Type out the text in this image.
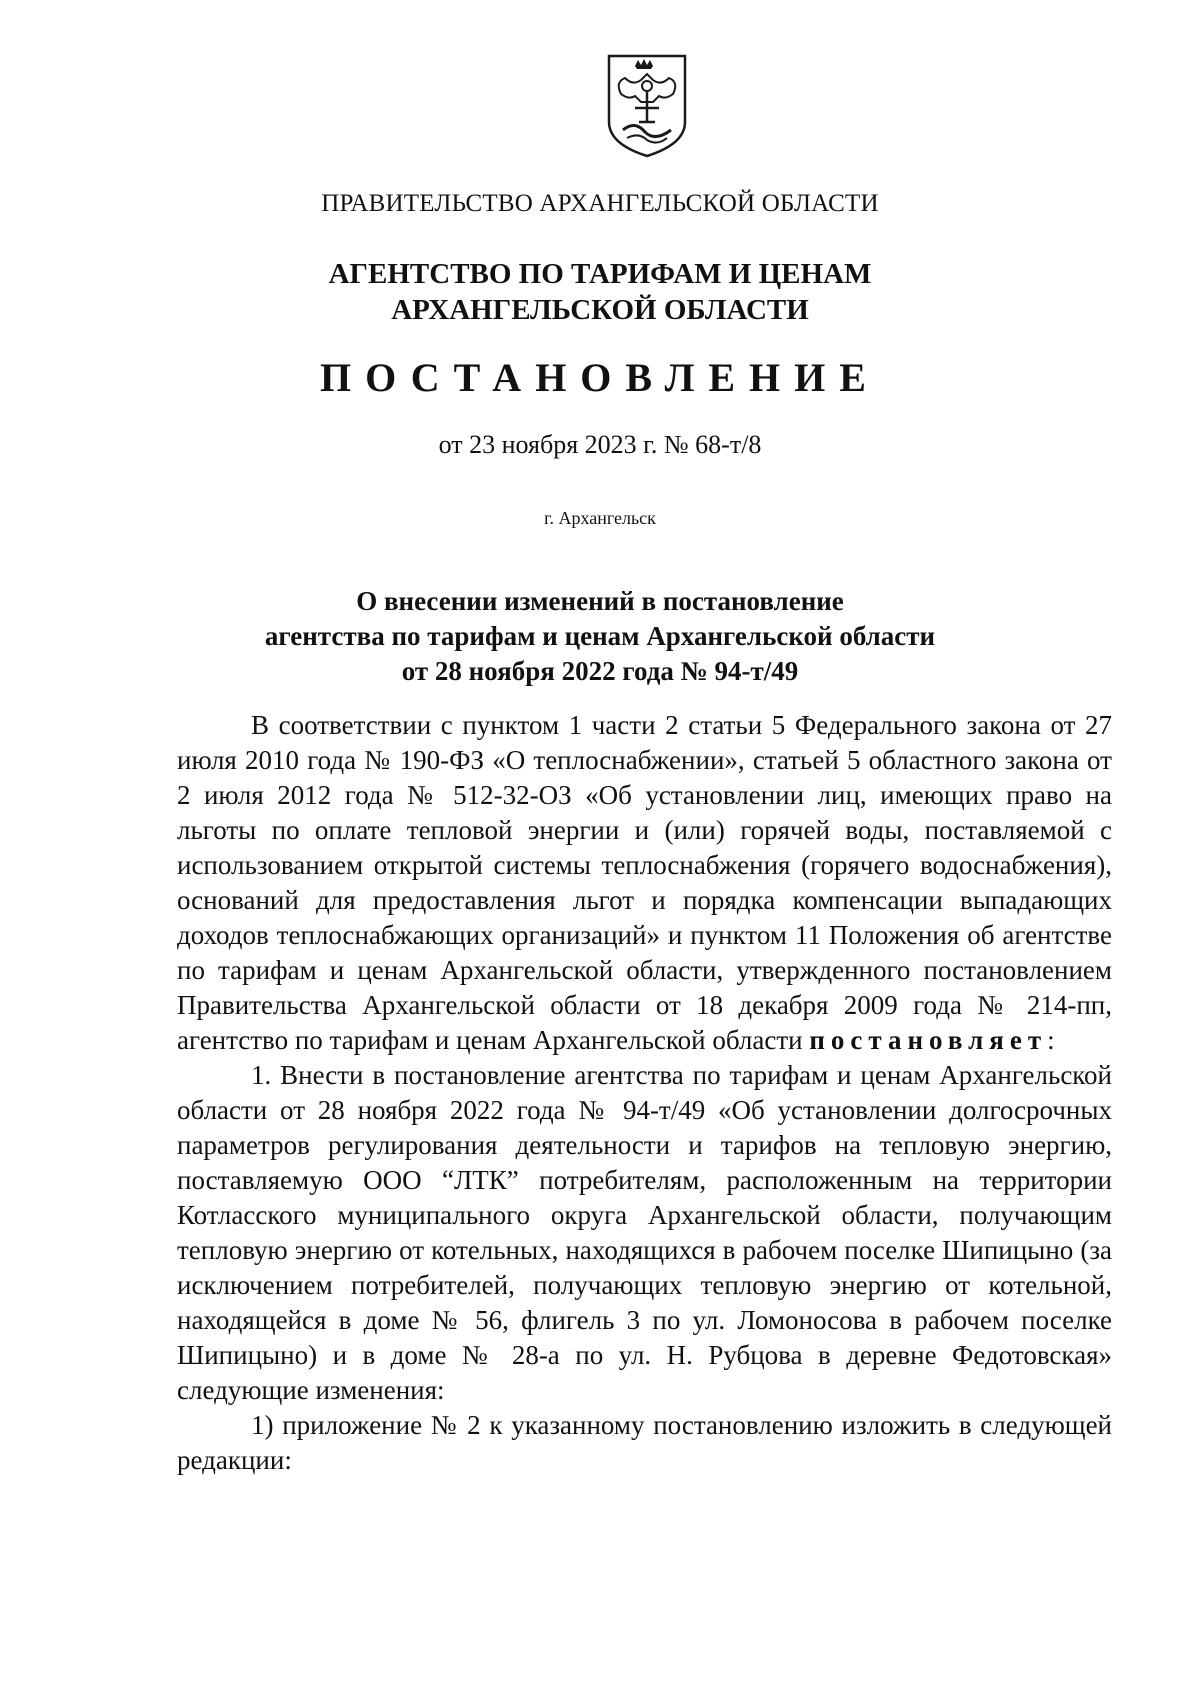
ПРАВИТЕЛЬСТВО АРХАНГЕЛЬСКОЙ ОБЛАСТИ
АГЕНТСТВО ПО ТАРИФАМ И ЦЕНАМ
АРХАНГЕЛЬСКОЙ ОБЛАСТИ
ПОСТАНОВЛЕНИЕ
от 23 ноября 2023 г. № 68-т/8
г. Архангельск
О внесении изменений в постановление
агентства по тарифам и ценам Архангельской области
от 28 ноября 2022 года № 94-т/49

В соответствии с пунктом 1 части 2 статьи 5 Федерального закона от 27 июля 2010 года № 190-ФЗ «О теплоснабжении», статьей 5 областного закона от 2 июля 2012 года № 512-32-ОЗ «Об установлении лиц, имеющих право на льготы по оплате тепловой энергии и (или) горячей воды, поставляемой с использованием открытой системы теплоснабжения (горячего водоснабжения), оснований для предоставления льгот и порядка компенсации выпадающих доходов теплоснабжающих организаций» и пунктом 11 Положения об агентстве по тарифам и ценам Архангельской области, утвержденного постановлением Правительства Архангельской области от 18 декабря 2009 года № 214-пп, агентство по тарифам и ценам Архангельской области постановляет:

1. Внести в постановление агентства по тарифам и ценам Архангельской области от 28 ноября 2022 года № 94-т/49 «Об установлении долгосрочных параметров регулирования деятельности и тарифов на тепловую энергию, поставляемую ООО “ЛТК” потребителям, расположенным на территории Котласского муниципального округа Архангельской области, получающим тепловую энергию от котельных, находящихся в рабочем поселке Шипицыно (за исключением потребителей, получающих тепловую энергию от котельной, находящейся в доме № 56, флигель 3 по ул. Ломоносова в рабочем поселке Шипицыно) и в доме № 28-а по ул. Н. Рубцова в деревне Федотовская» следующие изменения:

1) приложение № 2 к указанному постановлению изложить в следующей редакции:
